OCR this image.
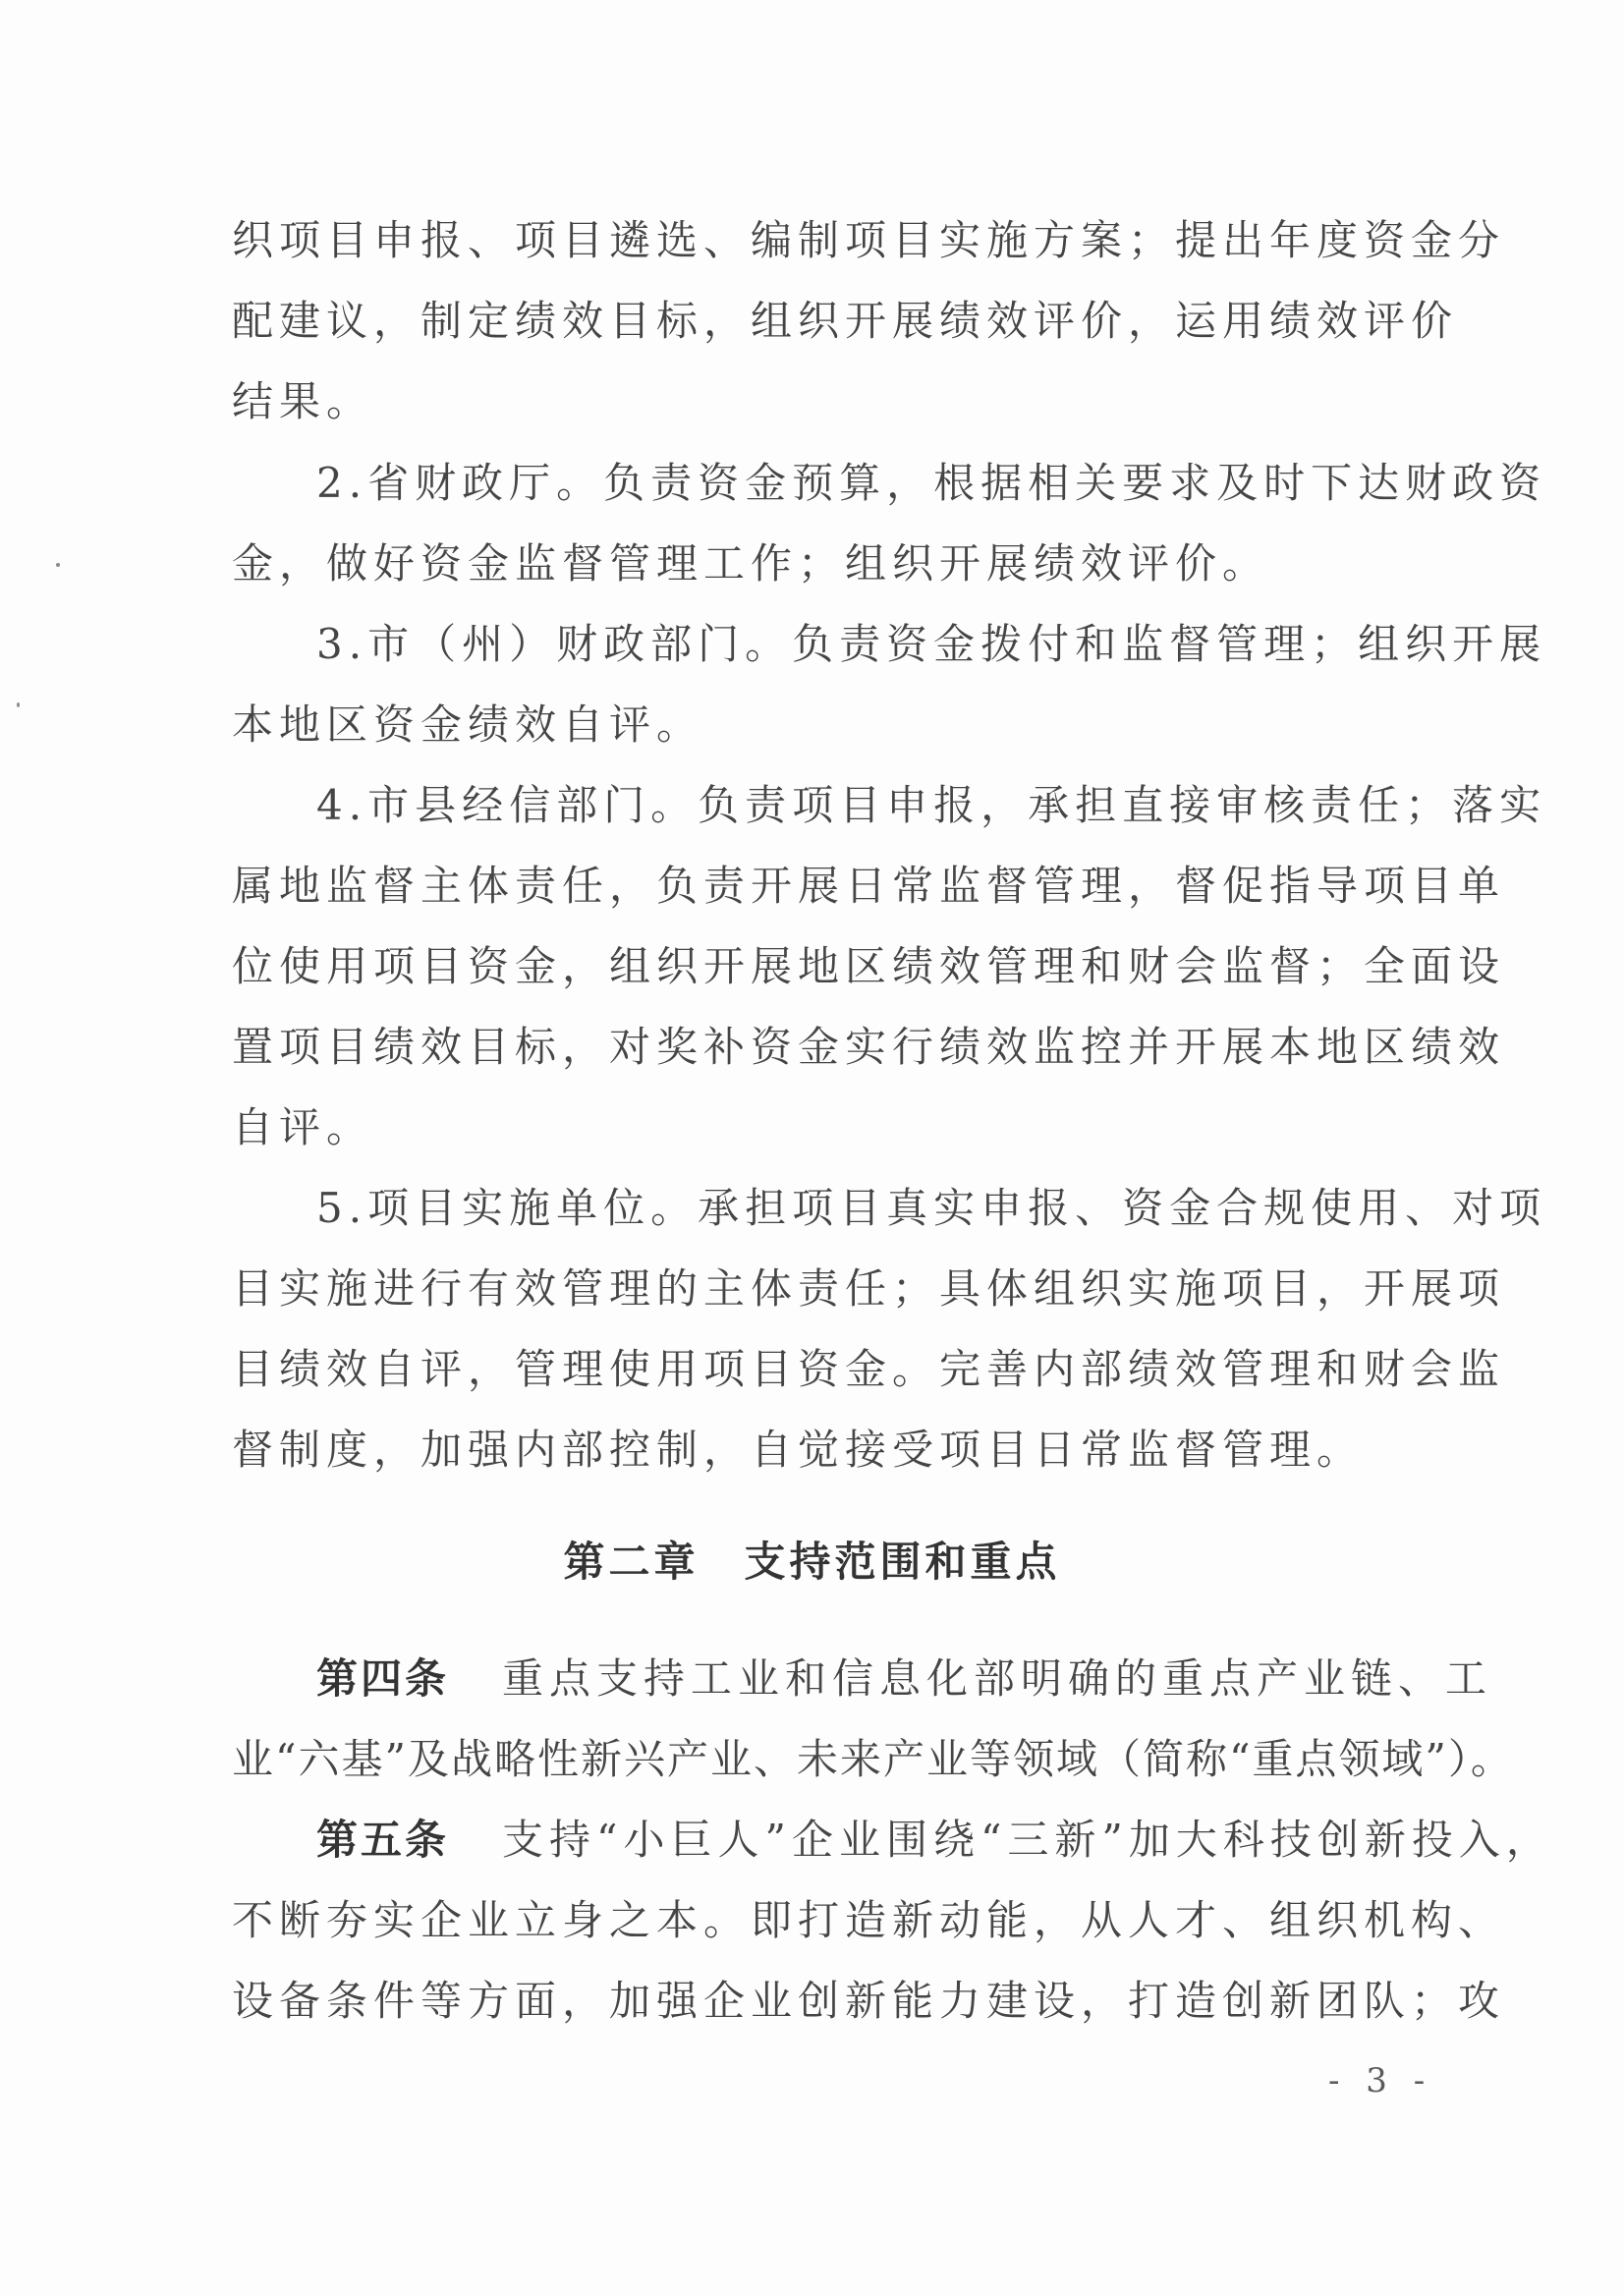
织项目申报、项目遴选、编制项目实施方案；提出年度资金分
配建议，制定绩效目标，组织开展绩效评价，运用绩效评价
结果。
2.省财政厅。负责资金预算，根据相关要求及时下达财政资
金，做好资金监督管理工作；组织开展绩效评价。
3.市（州）财政部门。负责资金拨付和监督管理；组织开展
本地区资金绩效自评。
4.市县经信部门。负责项目申报，承担直接审核责任；落实
属地监督主体责任，负责开展日常监督管理，督促指导项目单
位使用项目资金，组织开展地区绩效管理和财会监督；全面设
置项目绩效目标，对奖补资金实行绩效监控并开展本地区绩效
自评。
5.项目实施单位。承担项目真实申报、资金合规使用、对项
目实施进行有效管理的主体责任；具体组织实施项目，开展项
目绩效自评，管理使用项目资金。完善内部绩效管理和财会监
督制度，加强内部控制，自觉接受项目日常监督管理。
第二章　支持范围和重点
第四条 重点支持工业和信息化部明确的重点产业链、工
业“六基”及战略性新兴产业、未来产业等领域（简称“重点领域”）。
第五条 支持“小巨人”企业围绕“三新”加大科技创新投入，
不断夯实企业立身之本。即打造新动能，从人才、组织机构、
设备条件等方面，加强企业创新能力建设，打造创新团队；攻
- 3 -
